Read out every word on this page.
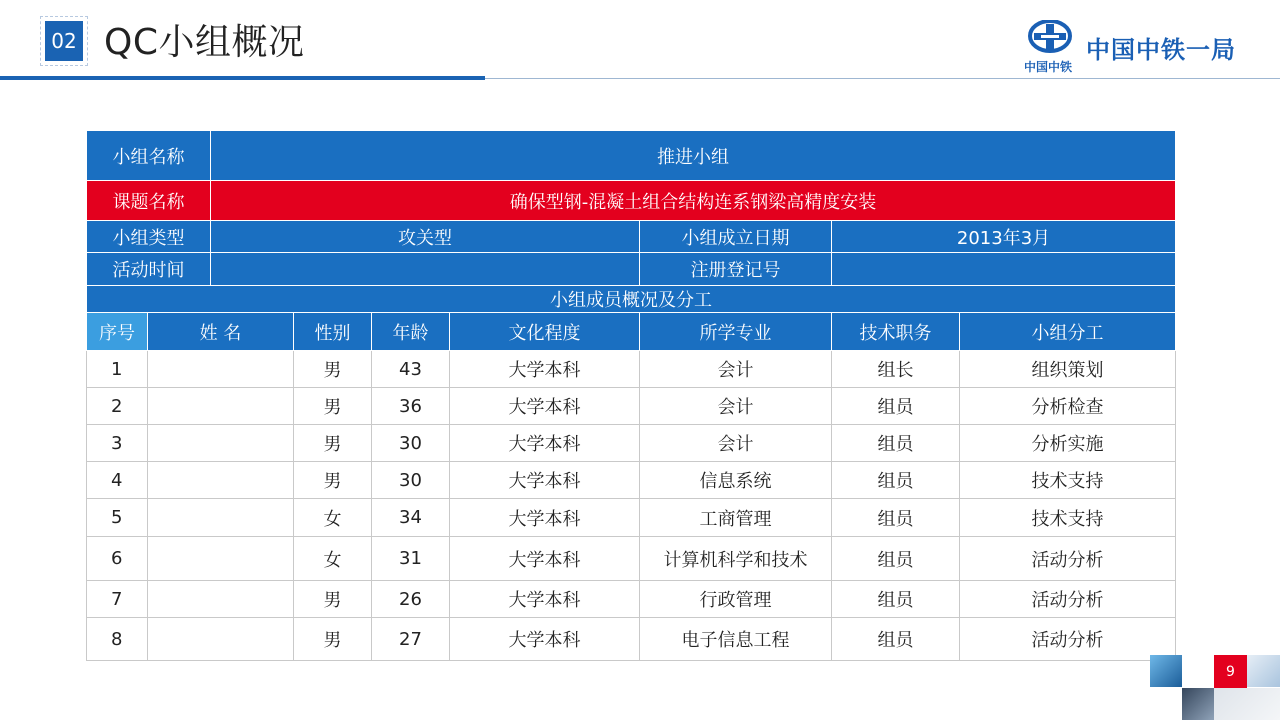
02 QC小组概况
中国中铁
中国中铁一局
小组名称		推进小组						
课题名称		确保型钢-混凝土组合结构连系钢梁高精度安装						
小组类型		攻关型				小组成立日期	2013年3月	
活动时间						注册登记号		
小组成员概况及分工								
序号	姓 名		性别	年龄	文化程度	所学专业	技术职务	小组分工
1			男	43	大学本科	会计	组长	组织策划
2			男	36	大学本科	会计	组员	分析检查
3			男	30	大学本科	会计	组员	分析实施
4			男	30	大学本科	信息系统	组员	技术支持
5			女	34	大学本科	工商管理	组员	技术支持
6			女	31	大学本科	计算机科学和技术	组员	活动分析
7			男	26	大学本科	行政管理	组员	活动分析
8			男	27	大学本科	电子信息工程	组员	活动分析
9
